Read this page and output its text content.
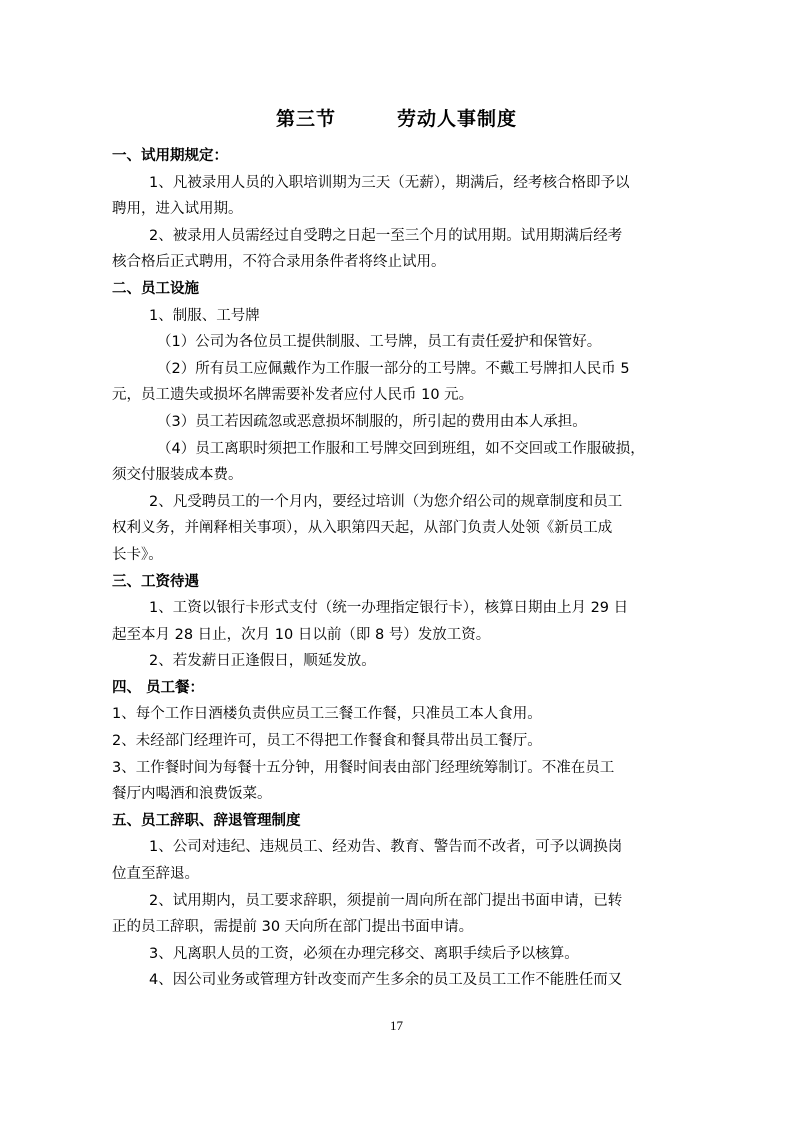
第三节        劳动人事制度
一、试用期规定：
1、凡被录用人员的入职培训期为三天（无薪），期满后，经考核合格即予以
聘用，进入试用期。
2、被录用人员需经过自受聘之日起一至三个月的试用期。试用期满后经考
核合格后正式聘用，不符合录用条件者将终止试用。
二、员工设施
1、制服、工号牌
（1）公司为各位员工提供制服、工号牌，员工有责任爱护和保管好。
（2）所有员工应佩戴作为工作服一部分的工号牌。不戴工号牌扣人民币 5
元，员工遗失或损坏名牌需要补发者应付人民币 10 元。
（3）员工若因疏忽或恶意损坏制服的，所引起的费用由本人承担。
（4）员工离职时须把工作服和工号牌交回到班组，如不交回或工作服破损，
须交付服装成本费。
2、凡受聘员工的一个月内，要经过培训（为您介绍公司的规章制度和员工
权利义务，并阐释相关事项），从入职第四天起，从部门负责人处领《新员工成
长卡》。
三、工资待遇
1、工资以银行卡形式支付（统一办理指定银行卡），核算日期由上月 29 日
起至本月 28 日止，次月 10 日以前（即 8 号）发放工资。
2、若发薪日正逢假日，顺延发放。
四、 员工餐：
1、每个工作日酒楼负责供应员工三餐工作餐，只准员工本人食用。
2、未经部门经理许可，员工不得把工作餐食和餐具带出员工餐厅。
3、工作餐时间为每餐十五分钟，用餐时间表由部门经理统筹制订。不准在员工
餐厅内喝酒和浪费饭菜。
五、员工辞职、辞退管理制度
1、公司对违纪、违规员工、经劝告、教育、警告而不改者，可予以调换岗
位直至辞退。
2、试用期内，员工要求辞职，须提前一周向所在部门提出书面申请，已转
正的员工辞职，需提前 30 天向所在部门提出书面申请。
3、凡离职人员的工资，必须在办理完移交、离职手续后予以核算。
4、因公司业务或管理方针改变而产生多余的员工及员工工作不能胜任而又
17
